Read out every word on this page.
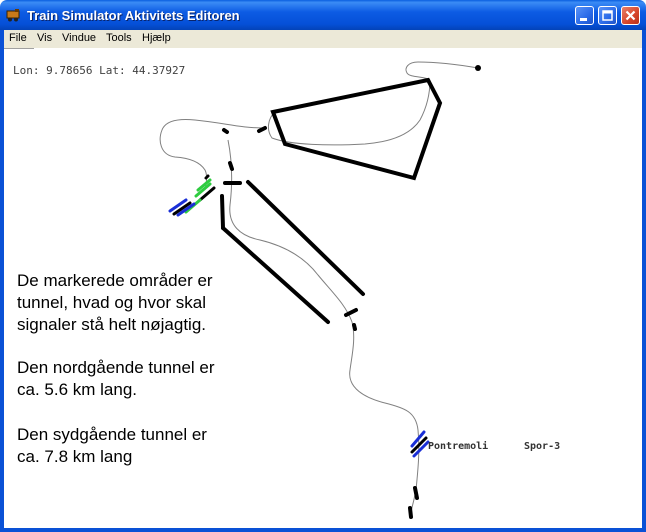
Train Simulator Aktivitets Editoren
File Vis Vindue Tools Hjælp
Lon: 9.78656 Lat: 44.37927
De markerede områder er
tunnel, hvad og hvor skal
signaler stå helt nøjagtig.
Den nordgående tunnel er
ca. 5.6 km lang.
Den sydgående tunnel er
ca. 7.8 km lang
Pontremoli	Spor-3
